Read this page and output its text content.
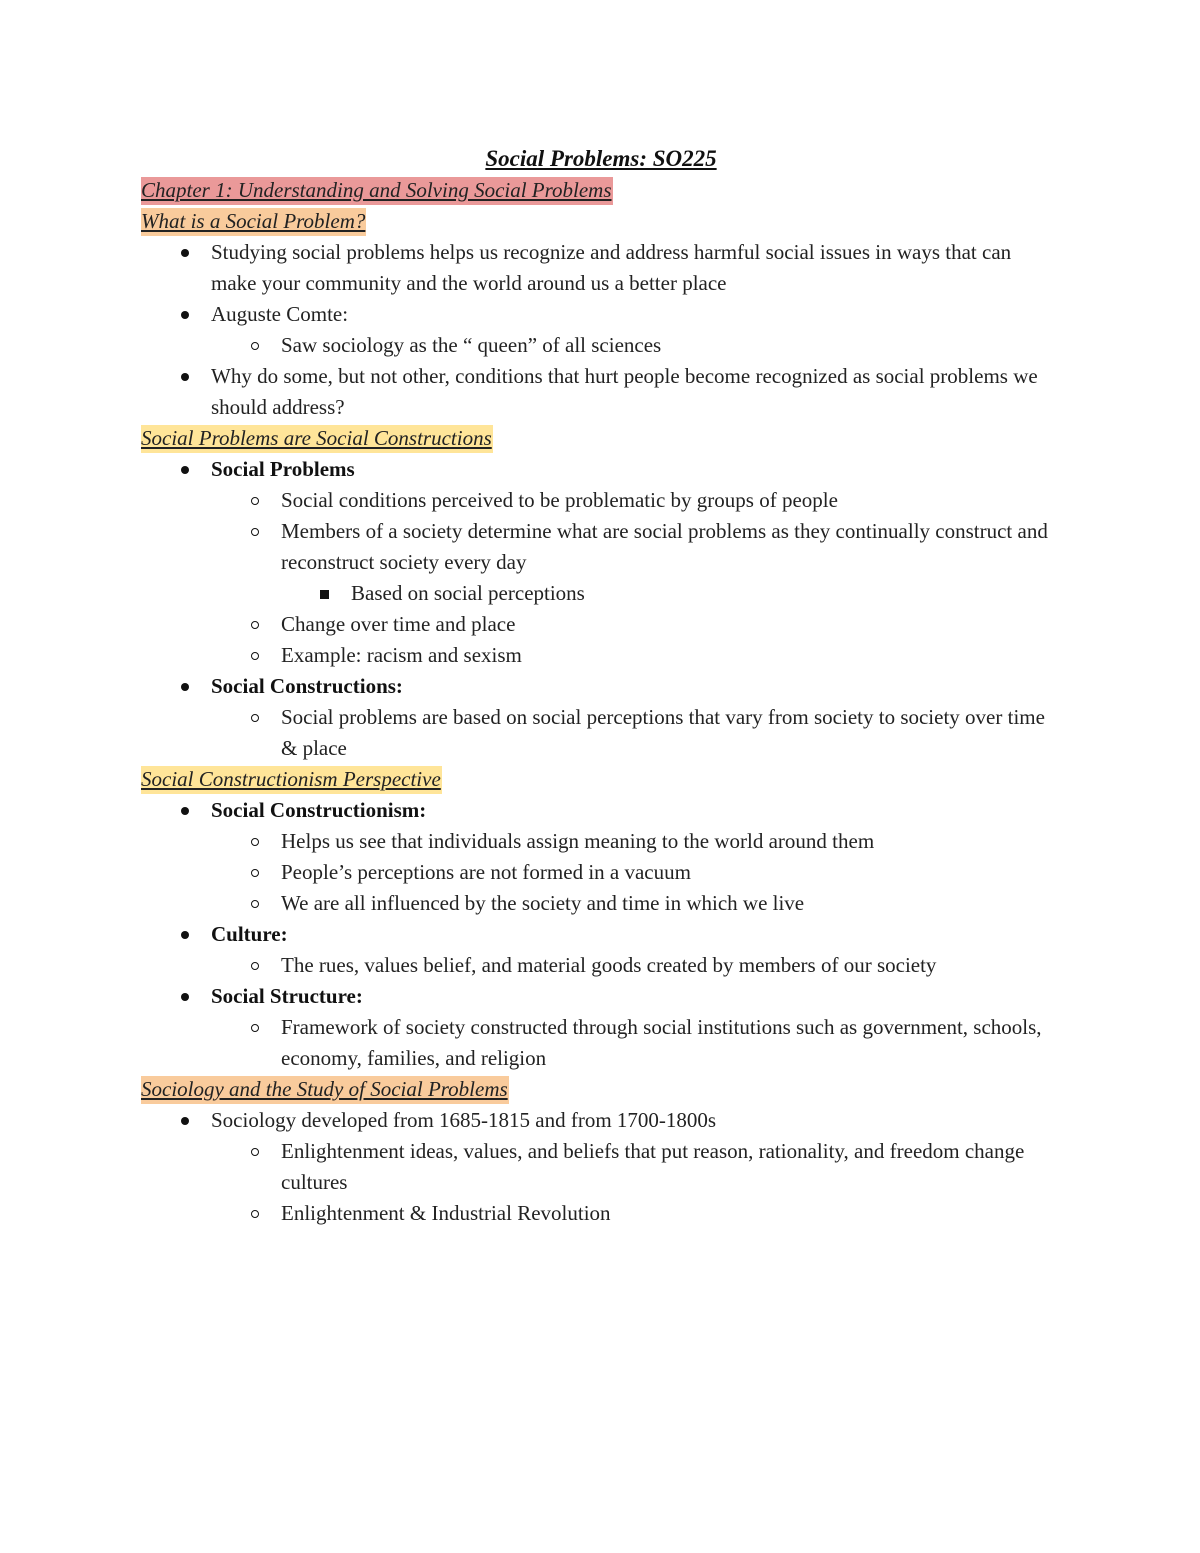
Social Problems: SO225
Chapter 1: Understanding and Solving Social Problems
What is a Social Problem?
Studying social problems helps us recognize and address harmful social issues in ways that can make your community and the world around us a better place
Auguste Comte:
Saw sociology as the “ queen” of all sciences
Why do some, but not other, conditions that hurt people become recognized as social problems we should address?
Social Problems are Social Constructions
Social Problems
Social conditions perceived to be problematic by groups of people
Members of a society determine what are social problems as they continually construct and reconstruct society every day
Based on social perceptions
Change over time and place
Example: racism and sexism
Social Constructions:
Social problems are based on social perceptions that vary from society to society over time & place
Social Constructionism Perspective
Social Constructionism:
Helps us see that individuals assign meaning to the world around them
People’s perceptions are not formed in a vacuum
We are all influenced by the society and time in which we live
Culture:
The rues, values belief, and material goods created by members of our society
Social Structure:
Framework of society constructed through social institutions such as government, schools, economy, families, and religion
Sociology and the Study of Social Problems
Sociology developed from 1685-1815 and from 1700-1800s
Enlightenment ideas, values, and beliefs that put reason, rationality, and freedom change cultures
Enlightenment & Industrial Revolution
